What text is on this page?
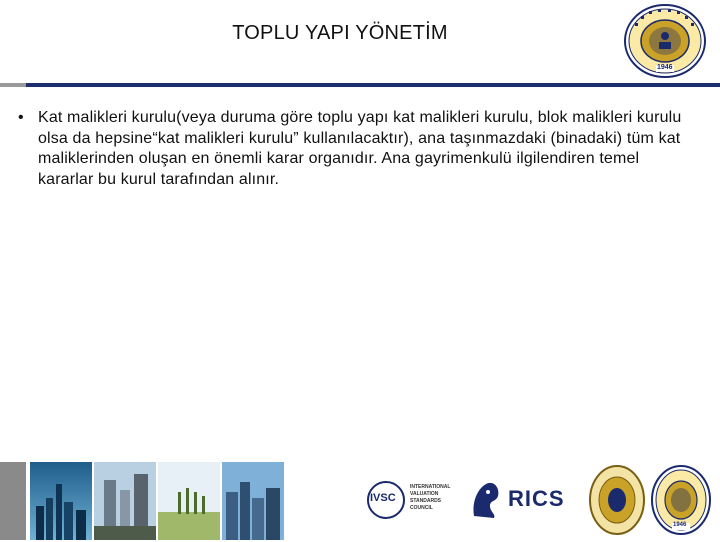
TOPLU YAPI YÖNETİM
1946
• Kat malikleri kurulu(veya duruma göre toplu yapı kat malikleri kurulu, blok malikleri kurulu olsa da hepsine“kat malikleri kurulu” kullanılacaktır), ana taşınmazdaki (binadaki) tüm kat maliklerinden oluşan en önemli karar organıdır. Ana gayrimenkulü ilgilendiren temel kararlar bu kurul tarafından alınır.
IVSC
INTERNATIONAL
VALUATION
STANDARDS
COUNCIL	RICS
1946
